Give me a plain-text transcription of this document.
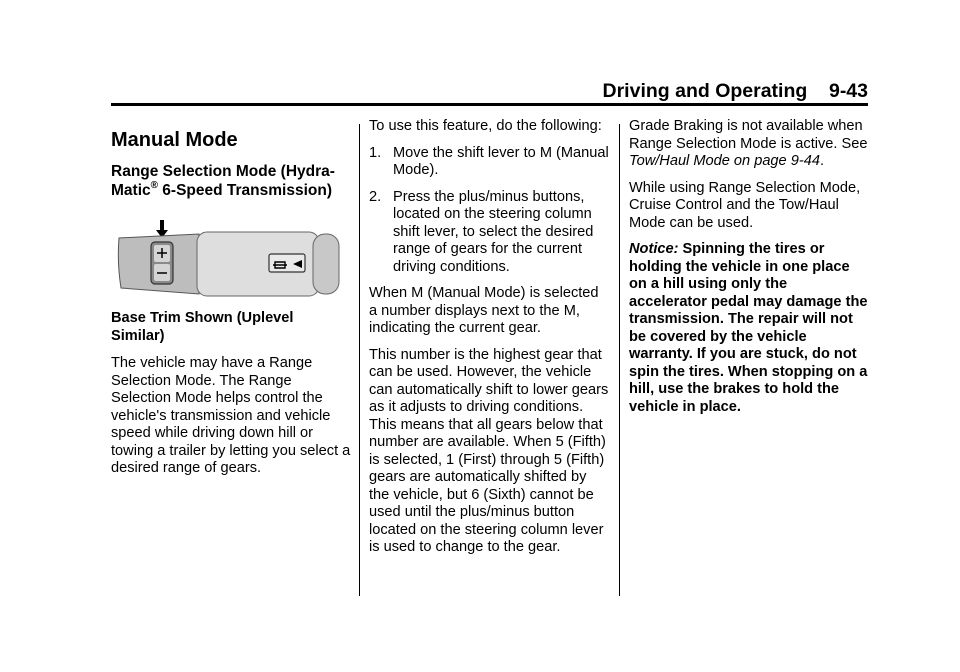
Driving and Operating 9-43
Manual Mode
Range Selection Mode (Hydra-Matic® 6-Speed Transmission)
Base Trim Shown (Uplevel Similar)

The vehicle may have a Range Selection Mode. The Range Selection Mode helps control the vehicle's transmission and vehicle speed while driving down hill or towing a trailer by letting you select a desired range of gears.

To use this feature, do the following:

1. Move the shift lever to M (Manual Mode).
2. Press the plus/minus buttons, located on the steering column shift lever, to select the desired range of gears for the current driving conditions.

When M (Manual Mode) is selected a number displays next to the M, indicating the current gear.

This number is the highest gear that can be used. However, the vehicle can automatically shift to lower gears as it adjusts to driving conditions. This means that all gears below that number are available. When 5 (Fifth) is selected, 1 (First) through 5 (Fifth) gears are automatically shifted by the vehicle, but 6 (Sixth) cannot be used until the plus/minus button located on the steering column lever is used to change to the gear.

Grade Braking is not available when Range Selection Mode is active. See Tow/Haul Mode on page 9-44.

While using Range Selection Mode, Cruise Control and the Tow/Haul Mode can be used.

Notice: Spinning the tires or holding the vehicle in one place on a hill using only the accelerator pedal may damage the transmission. The repair will not be covered by the vehicle warranty. If you are stuck, do not spin the tires. When stopping on a hill, use the brakes to hold the vehicle in place.
